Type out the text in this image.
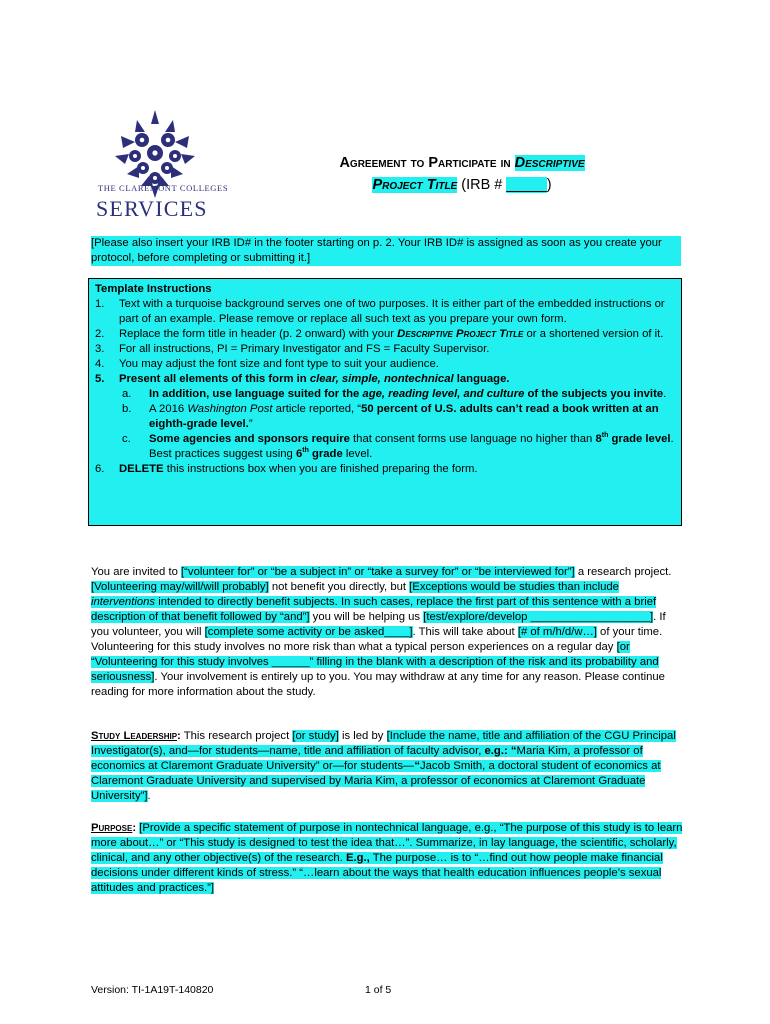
THE CLAREMONT COLLEGES
SERVICES
Agreement to Participate in Descriptive
Project Title (IRB # _____)
[Please also insert your IRB ID# in the footer starting on p. 2. Your IRB ID# is assigned as soon as you create your protocol, before completing or submitting it.]
Template Instructions
1.	Text with a turquoise background serves one of two purposes. It is either part of the embedded instructions or part of an example. Please remove or replace all such text as you prepare your own form.
2.	Replace the form title in header (p. 2 onward) with your Descriptive Project Title or a shortened version of it.
3.	For all instructions, PI = Primary Investigator and FS = Faculty Supervisor.
4.	You may adjust the font size and font type to suit your audience.
5.	Present all elements of this form in clear, simple, nontechnical language.
a.	In addition, use language suited for the age, reading level, and culture of the subjects you invite.
b.	A 2016 Washington Post article reported, “50 percent of U.S. adults can’t read a book written at an eighth-grade level.”
c.	Some agencies and sponsors require that consent forms use language no higher than 8th grade level. Best practices suggest using 6th grade level.
6.	DELETE this instructions box when you are finished preparing the form.
You are invited to [“volunteer for” or “be a subject in” or “take a survey for” or “be interviewed for”] a research project. [Volunteering may/will/will probably] not benefit you directly, but [Exceptions would be studies than include interventions intended to directly benefit subjects. In such cases, replace the first part of this sentence with a brief description of that benefit followed by “and”] you will be helping us [test/explore/develop ___________________]. If you volunteer, you will [complete some activity or be asked____]. This will take about [# of m/h/d/w…] of your time. Volunteering for this study involves no more risk than what a typical person experiences on a regular day [or “Volunteering for this study involves ______” filling in the blank with a description of the risk and its probability and seriousness]. Your involvement is entirely up to you. You may withdraw at any time for any reason. Please continue reading for more information about the study.
Study Leadership: This research project [or study] is led by [Include the name, title and affiliation of the CGU Principal Investigator(s), and—for students—name, title and affiliation of faculty advisor, e.g.: “Maria Kim, a professor of economics at Claremont Graduate University” or—for students—“Jacob Smith, a doctoral student of economics at Claremont Graduate University and supervised by Maria Kim, a professor of economics at Claremont Graduate University”].
Purpose: [Provide a specific statement of purpose in nontechnical language, e.g., “The purpose of this study is to learn more about…” or “This study is designed to test the idea that…”. Summarize, in lay language, the scientific, scholarly, clinical, and any other objective(s) of the research. E.g., The purpose… is to “…find out how people make financial decisions under different kinds of stress.” “…learn about the ways that health education influences people’s sexual attitudes and practices.”]
Version: TI-1A19T-140820	1 of 5
